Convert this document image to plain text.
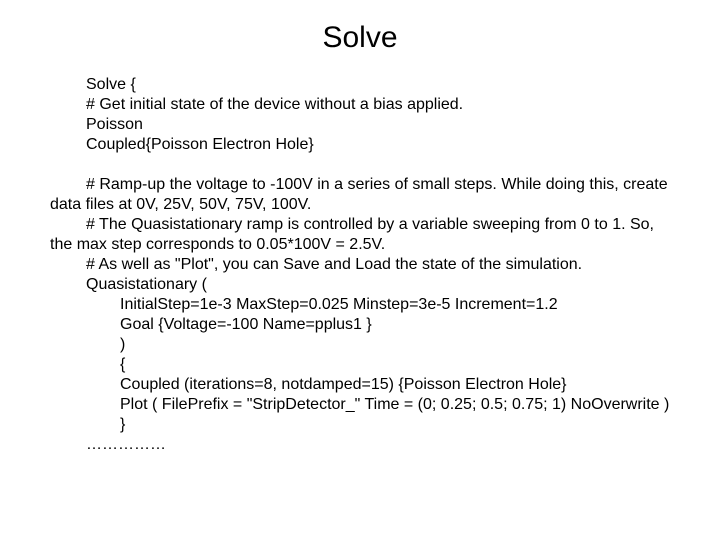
Solve
Solve {
# Get initial state of the device without a bias applied.
Poisson
Coupled{Poisson Electron Hole}
# Ramp-up the voltage to -100V in a series of small steps. While doing this, create data files at 0V, 25V, 50V, 75V, 100V.
# The Quasistationary ramp is controlled by a variable sweeping from 0 to 1. So, the max step corresponds to 0.05*100V = 2.5V.
# As well as "Plot", you can Save and Load the state of the simulation.
Quasistationary (
InitialStep=1e-3 MaxStep=0.025 Minstep=3e-5 Increment=1.2
Goal {Voltage=-100 Name=pplus1 }
)
{
Coupled (iterations=8, notdamped=15) {Poisson Electron Hole}
Plot ( FilePrefix = "StripDetector_" Time = (0; 0.25; 0.5; 0.75; 1) NoOverwrite )
}
……………
